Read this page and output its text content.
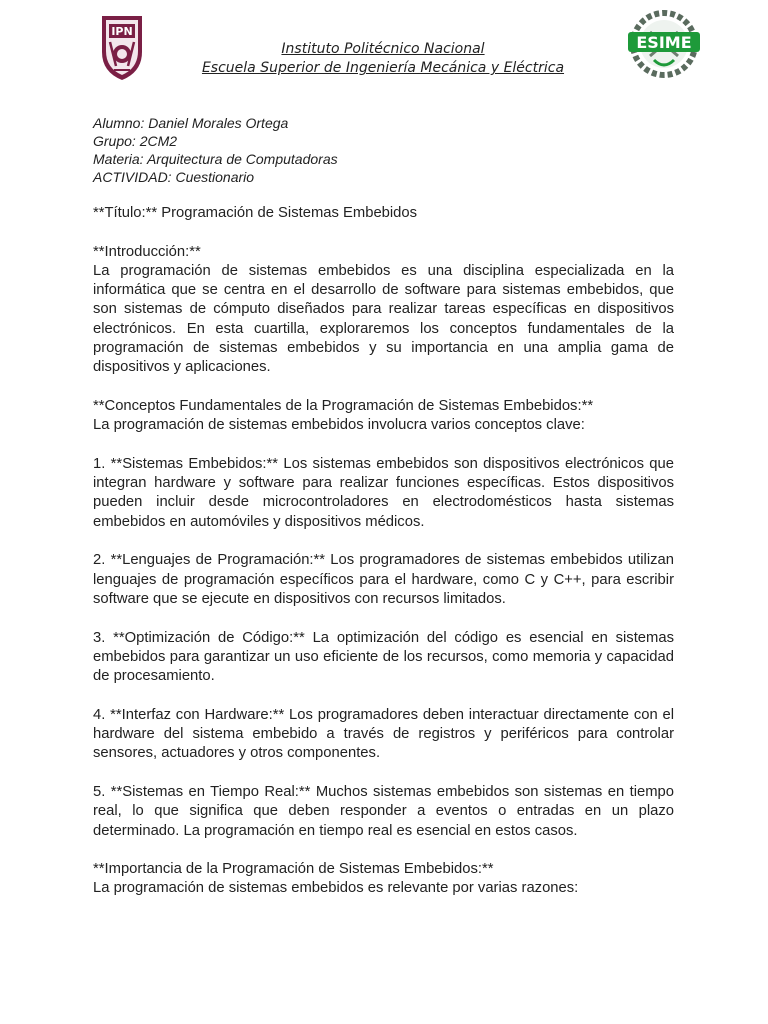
IPN
Instituto Politécnico Nacional
Escuela Superior de Ingeniería Mecánica y Eléctrica
ESIME
Alumno: Daniel Morales Ortega
Grupo: 2CM2
Materia: Arquitectura de Computadoras
ACTIVIDAD: Cuestionario

**Título:** Programación de Sistemas Embebidos

**Introducción:**

La programación de sistemas embebidos es una disciplina especializada en la informática que se centra en el desarrollo de software para sistemas embebidos, que son sistemas de cómputo diseñados para realizar tareas específicas en dispositivos electrónicos. En esta cuartilla, exploraremos los conceptos fundamentales de la programación de sistemas embebidos y su importancia en una amplia gama de dispositivos y aplicaciones.

**Conceptos Fundamentales de la Programación de Sistemas Embebidos:**

La programación de sistemas embebidos involucra varios conceptos clave:

1. **Sistemas Embebidos:** Los sistemas embebidos son dispositivos electrónicos que integran hardware y software para realizar funciones específicas. Estos dispositivos pueden incluir desde microcontroladores en electrodomésticos hasta sistemas embebidos en automóviles y dispositivos médicos.

2. **Lenguajes de Programación:** Los programadores de sistemas embebidos utilizan lenguajes de programación específicos para el hardware, como C y C++, para escribir software que se ejecute en dispositivos con recursos limitados.

3. **Optimización de Código:** La optimización del código es esencial en sistemas embebidos para garantizar un uso eficiente de los recursos, como memoria y capacidad de procesamiento.

4. **Interfaz con Hardware:** Los programadores deben interactuar directamente con el hardware del sistema embebido a través de registros y periféricos para controlar sensores, actuadores y otros componentes.

5. **Sistemas en Tiempo Real:** Muchos sistemas embebidos son sistemas en tiempo real, lo que significa que deben responder a eventos o entradas en un plazo determinado. La programación en tiempo real es esencial en estos casos.

**Importancia de la Programación de Sistemas Embebidos:**

La programación de sistemas embebidos es relevante por varias razones:
